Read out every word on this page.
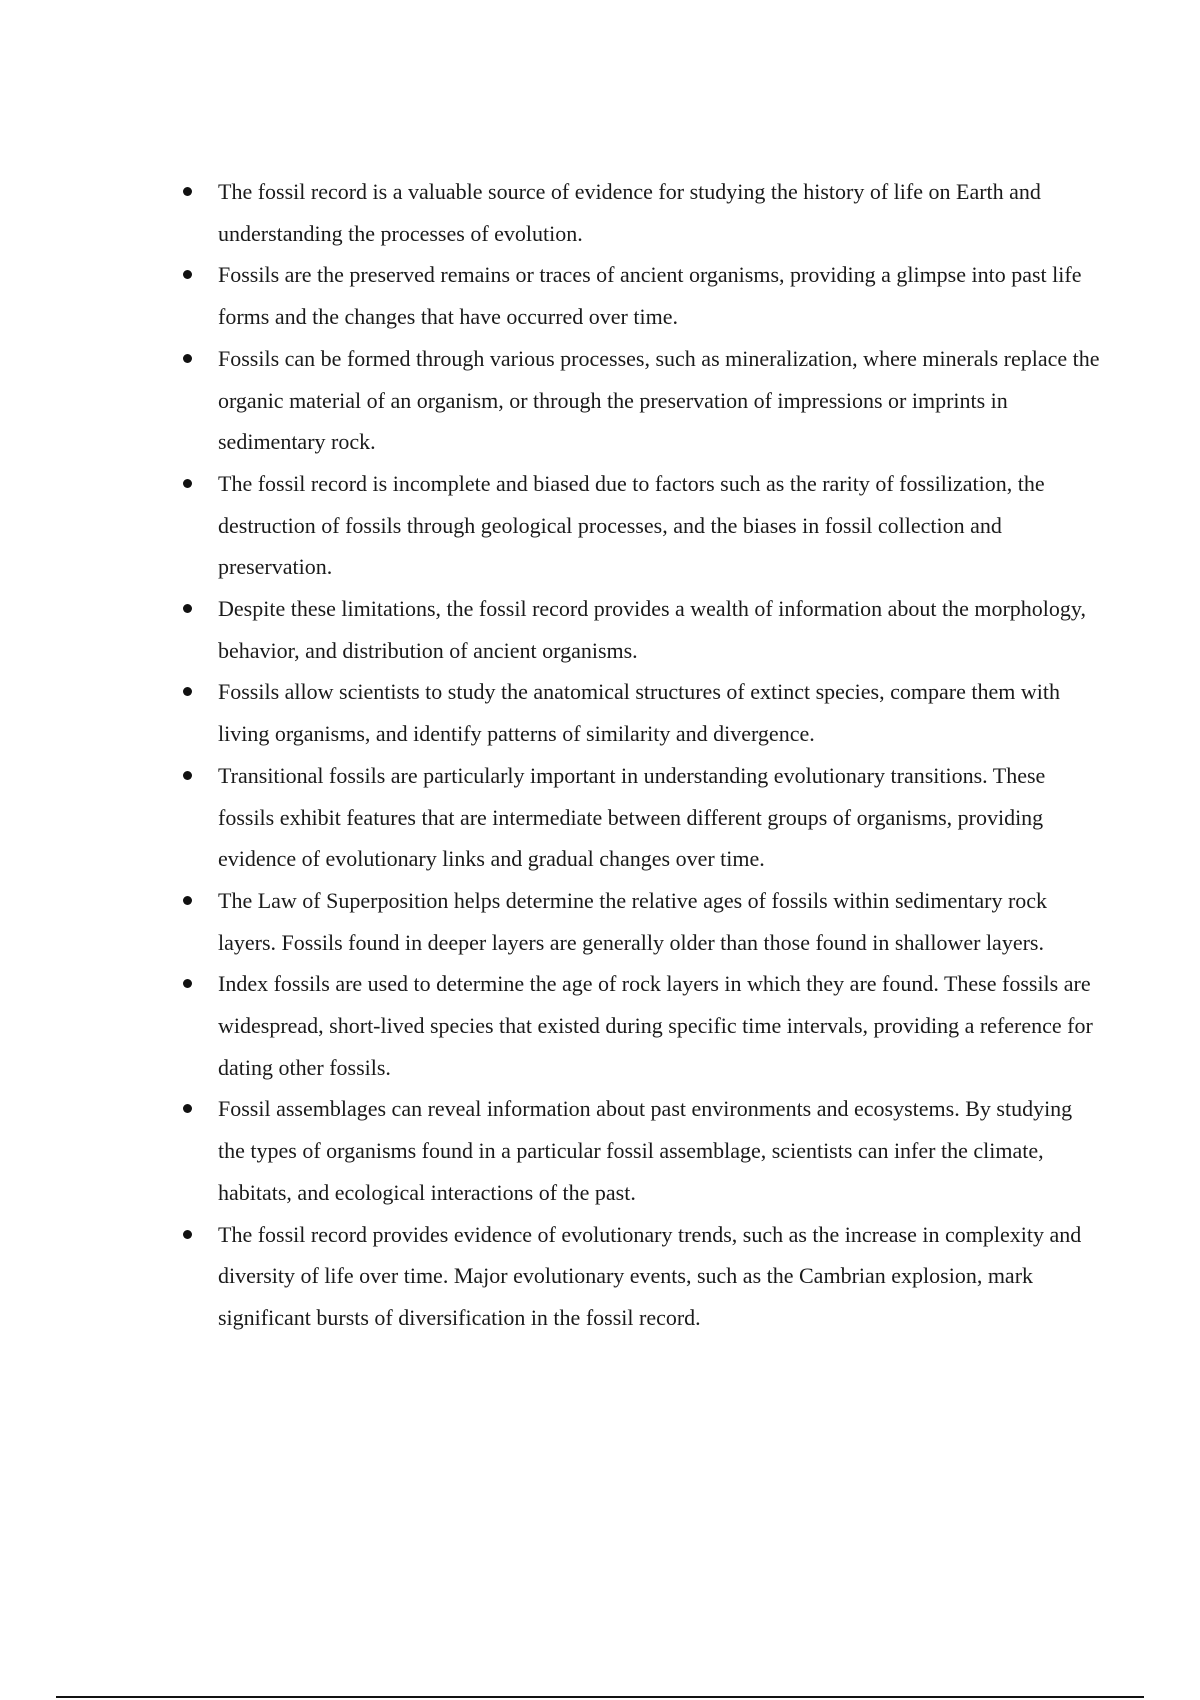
The fossil record is a valuable source of evidence for studying the history of life on Earth and understanding the processes of evolution.
Fossils are the preserved remains or traces of ancient organisms, providing a glimpse into past life forms and the changes that have occurred over time.
Fossils can be formed through various processes, such as mineralization, where minerals replace the organic material of an organism, or through the preservation of impressions or imprints in sedimentary rock.
The fossil record is incomplete and biased due to factors such as the rarity of fossilization, the destruction of fossils through geological processes, and the biases in fossil collection and preservation.
Despite these limitations, the fossil record provides a wealth of information about the morphology, behavior, and distribution of ancient organisms.
Fossils allow scientists to study the anatomical structures of extinct species, compare them with living organisms, and identify patterns of similarity and divergence.
Transitional fossils are particularly important in understanding evolutionary transitions. These fossils exhibit features that are intermediate between different groups of organisms, providing evidence of evolutionary links and gradual changes over time.
The Law of Superposition helps determine the relative ages of fossils within sedimentary rock layers. Fossils found in deeper layers are generally older than those found in shallower layers.
Index fossils are used to determine the age of rock layers in which they are found. These fossils are widespread, short-lived species that existed during specific time intervals, providing a reference for dating other fossils.
Fossil assemblages can reveal information about past environments and ecosystems. By studying the types of organisms found in a particular fossil assemblage, scientists can infer the climate, habitats, and ecological interactions of the past.
The fossil record provides evidence of evolutionary trends, such as the increase in complexity and diversity of life over time. Major evolutionary events, such as the Cambrian explosion, mark significant bursts of diversification in the fossil record.
